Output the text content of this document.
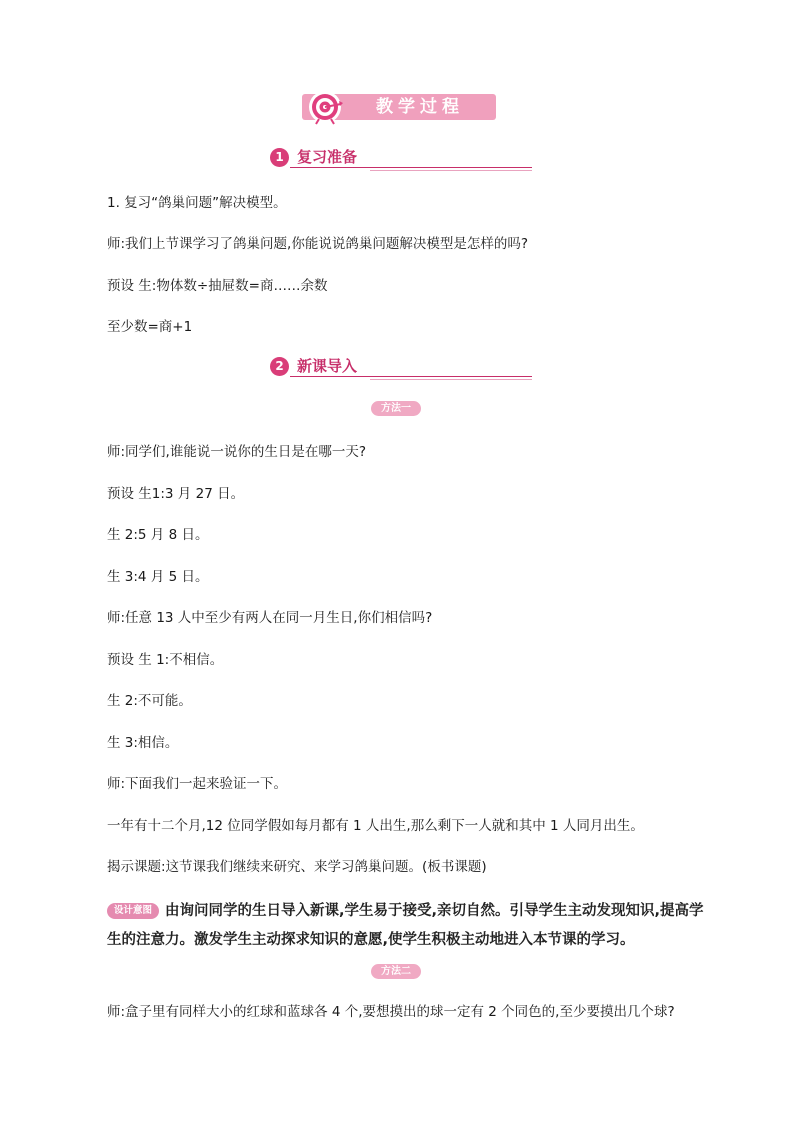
教学过程
1 复习准备
1. 复习“鸽巢问题”解决模型。
师:我们上节课学习了鸽巢问题,你能说说鸽巢问题解决模型是怎样的吗?
预设 生:物体数÷抽屉数=商……余数
至少数=商+1
2 新课导入
方法一
师:同学们,谁能说一说你的生日是在哪一天?
预设 生1:3 月 27 日。
生 2:5 月 8 日。
生 3:4 月 5 日。
师:任意 13 人中至少有两人在同一月生日,你们相信吗?
预设 生 1:不相信。
生 2:不可能。
生 3:相信。
师:下面我们一起来验证一下。
一年有十二个月,12 位同学假如每月都有 1 人出生,那么剩下一人就和其中 1 人同月出生。
揭示课题:这节课我们继续来研究、来学习鸽巢问题。(板书课题)
设计意图 由询问同学的生日导入新课,学生易于接受,亲切自然。引导学生主动发现知识,提高学生的注意力。激发学生主动探求知识的意愿,使学生积极主动地进入本节课的学习。
方法二
师:盒子里有同样大小的红球和蓝球各 4 个,要想摸出的球一定有 2 个同色的,至少要摸出几个球?
